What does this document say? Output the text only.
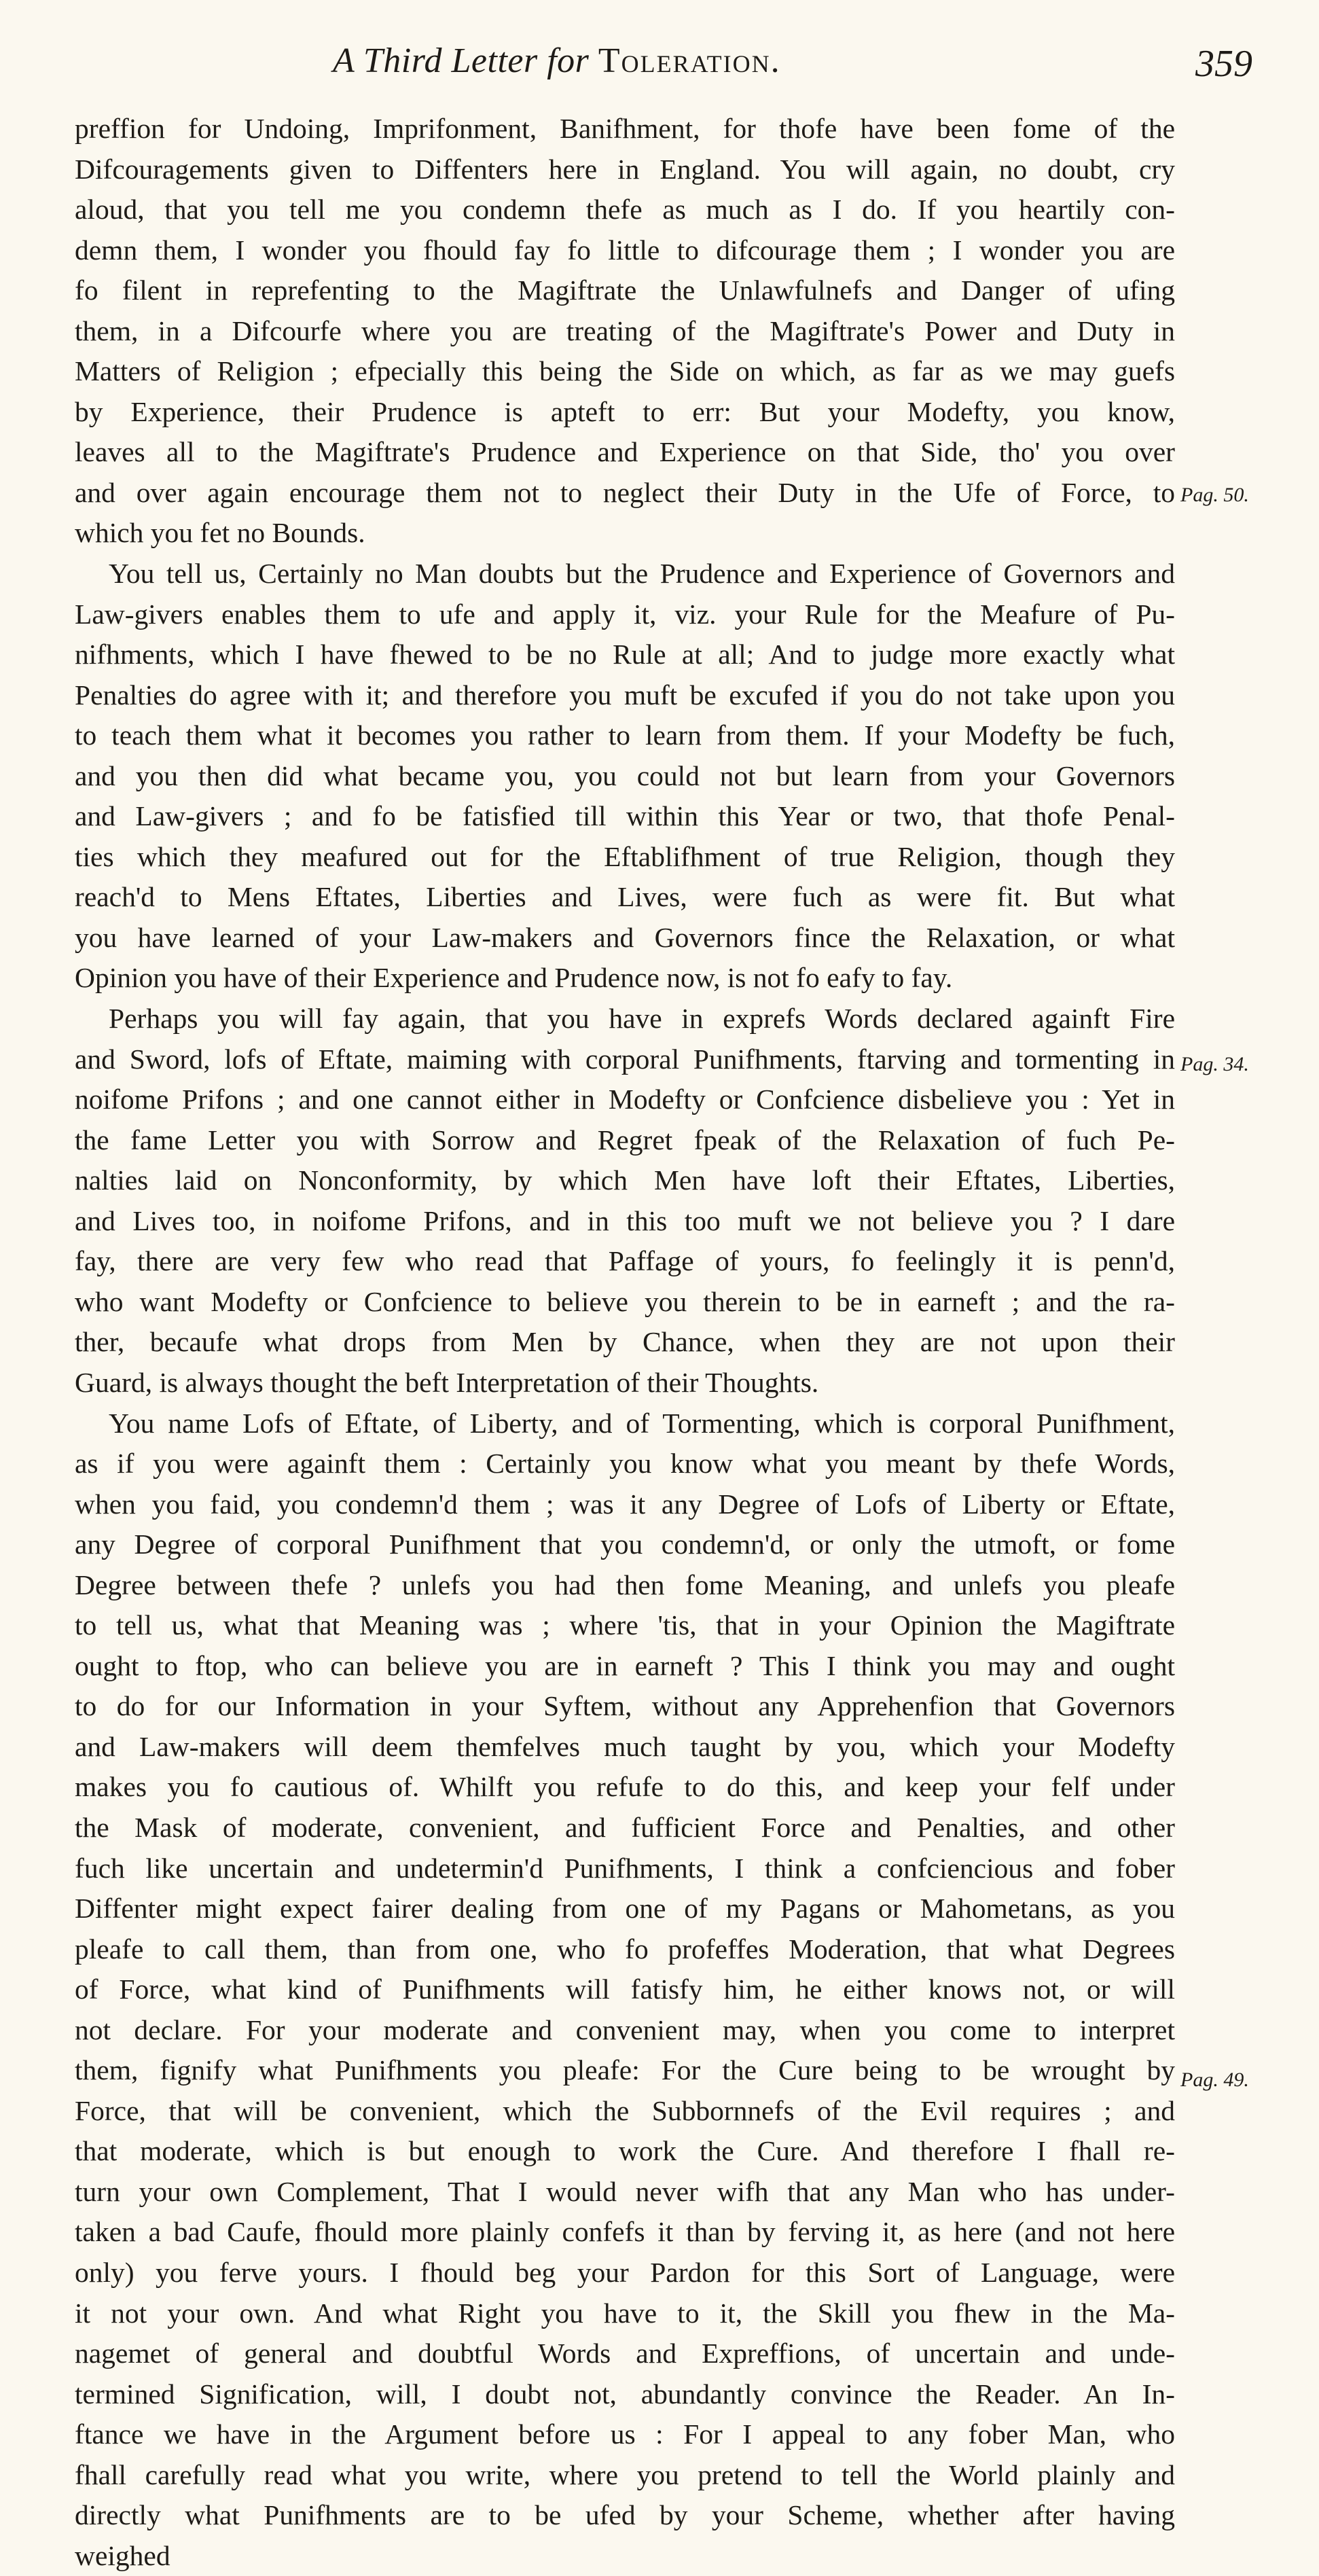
A Third Letter for Toleration.	359
preffion for Undoing, Imprifonment, Banifhment, for thofe have been fome of the
Difcouragements given to Diffenters here in England. You will again, no doubt, cry
aloud, that you tell me you condemn thefe as much as I do. If you heartily con-
demn them, I wonder you fhould fay fo little to difcourage them ; I wonder you are
fo filent in reprefenting to the Magiftrate the Unlawfulnefs and Danger of ufing
them, in a Difcourfe where you are treating of the Magiftrate's Power and Duty in
Matters of Religion ; efpecially this being the Side on which, as far as we may guefs
by Experience, their Prudence is apteft to err: But your Modefty, you know,
leaves all to the Magiftrate's Prudence and Experience on that Side, tho' you over
and over again encourage them not to neglect their Duty in the Ufe of Force, to
which you fet no Bounds.
You tell us, Certainly no Man doubts but the Prudence and Experience of Governors and
Law-givers enables them to ufe and apply it, viz. your Rule for the Meafure of Pu-
nifhments, which I have fhewed to be no Rule at all; And to judge more exactly what
Penalties do agree with it; and therefore you muft be excufed if you do not take upon you
to teach them what it becomes you rather to learn from them. If your Modefty be fuch,
and you then did what became you, you could not but learn from your Governors
and Law-givers ; and fo be fatisfied till within this Year or two, that thofe Penal-
ties which they meafured out for the Eftablifhment of true Religion, though they
reach'd to Mens Eftates, Liberties and Lives, were fuch as were fit. But what
you have learned of your Law-makers and Governors fince the Relaxation, or what
Opinion you have of their Experience and Prudence now, is not fo eafy to fay.
Perhaps you will fay again, that you have in exprefs Words declared againft Fire
and Sword, lofs of Eftate, maiming with corporal Punifhments, ftarving and tormenting in
noifome Prifons ; and one cannot either in Modefty or Confcience disbelieve you : Yet in
the fame Letter you with Sorrow and Regret fpeak of the Relaxation of fuch Pe-
nalties laid on Nonconformity, by which Men have loft their Eftates, Liberties,
and Lives too, in noifome Prifons, and in this too muft we not believe you ? I dare
fay, there are very few who read that Paffage of yours, fo feelingly it is penn'd,
who want Modefty or Confcience to believe you therein to be in earneft ; and the ra-
ther, becaufe what drops from Men by Chance, when they are not upon their
Guard, is always thought the beft Interpretation of their Thoughts.
You name Lofs of Eftate, of Liberty, and of Tormenting, which is corporal Punifhment,
as if you were againft them : Certainly you know what you meant by thefe Words,
when you faid, you condemn'd them ; was it any Degree of Lofs of Liberty or Eftate,
any Degree of corporal Punifhment that you condemn'd, or only the utmoft, or fome
Degree between thefe ? unlefs you had then fome Meaning, and unlefs you pleafe
to tell us, what that Meaning was ; where 'tis, that in your Opinion the Magiftrate
ought to ftop, who can believe you are in earneft ? This I think you may and ought
to do for our Information in your Syftem, without any Apprehenfion that Governors
and Law-makers will deem themfelves much taught by you, which your Modefty
makes you fo cautious of. Whilft you refufe to do this, and keep your felf under
the Mask of moderate, convenient, and fufficient Force and Penalties, and other
fuch like uncertain and undetermin'd Punifhments, I think a confciencious and fober
Diffenter might expect fairer dealing from one of my Pagans or Mahometans, as you
pleafe to call them, than from one, who fo profeffes Moderation, that what Degrees
of Force, what kind of Punifhments will fatisfy him, he either knows not, or will
not declare. For your moderate and convenient may, when you come to interpret
them, fignify what Punifhments you pleafe: For the Cure being to be wrought by
Force, that will be convenient, which the Subbornnefs of the Evil requires ; and
that moderate, which is but enough to work the Cure. And therefore I fhall re-
turn your own Complement, That I would never wifh that any Man who has under-
taken a bad Caufe, fhould more plainly confefs it than by ferving it, as here (and not here
only) you ferve yours. I fhould beg your Pardon for this Sort of Language, were
it not your own. And what Right you have to it, the Skill you fhew in the Ma-
nagemet of general and doubtful Words and Expreffions, of uncertain and unde-
termined Signification, will, I doubt not, abundantly convince the Reader. An In-
ftance we have in the Argument before us : For I appeal to any fober Man, who
fhall carefully read what you write, where you pretend to tell the World plainly and
directly what Punifhments are to be ufed by your Scheme, whether after having
weighed
Pag. 50.
Pag. 34.
Pag. 49.
